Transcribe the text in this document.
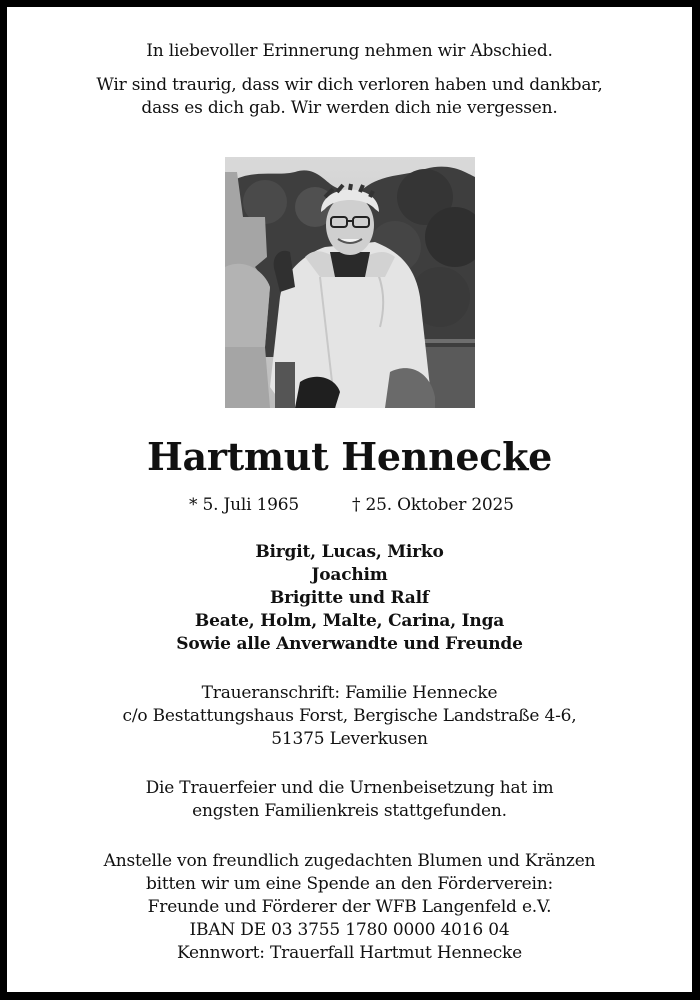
In liebevoller Erinnerung nehmen wir Abschied.
Wir sind traurig, dass wir dich verloren haben und dankbar,
dass es dich gab. Wir werden dich nie vergessen.
Hartmut Hennecke
* 5. Juli 1965	† 25. Oktober 2025
Birgit, Lucas, Mirko
Joachim
Brigitte und Ralf
Beate, Holm, Malte, Carina, Inga
Sowie alle Anverwandte und Freunde
Traueranschrift: Familie Hennecke
c/o Bestattungshaus Forst, Bergische Landstraße 4-6,
51375 Leverkusen
Die Trauerfeier und die Urnenbeisetzung hat im
engsten Familienkreis stattgefunden.
Anstelle von freundlich zugedachten Blumen und Kränzen
bitten wir um eine Spende an den Förderverein:
Freunde und Förderer der WFB Langenfeld e.V.
IBAN DE 03 3755 1780 0000 4016 04
Kennwort: Trauerfall Hartmut Hennecke
